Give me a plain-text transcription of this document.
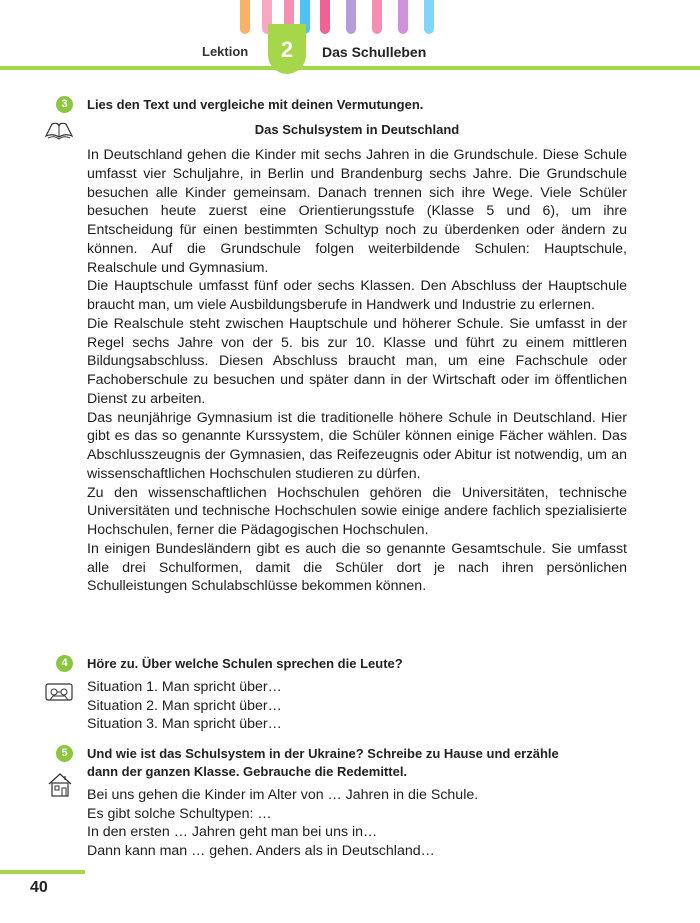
Lektion	2	Das Schulleben
3	Lies den Text und vergleiche mit deinen Vermutungen.
Das Schulsystem in Deutschland

In Deutschland gehen die Kinder mit sechs Jahren in die Grundschule. Diese Schule umfasst vier Schuljahre, in Berlin und Brandenburg sechs Jahre. Die Grundschule besuchen alle Kinder gemeinsam. Danach trennen sich ihre Wege. Viele Schüler besuchen heute zuerst eine Orientierungsstufe (Klasse 5 und 6), um ihre Entscheidung für einen bestimmten Schultyp noch zu überdenken oder ändern zu können. Auf die Grundschule folgen weiterbildende Schulen: Hauptschule, Realschule und Gymnasium.

Die Hauptschule umfasst fünf oder sechs Klassen. Den Abschluss der Hauptschule braucht man, um viele Ausbildungsberufe in Handwerk und Industrie zu erlernen.

Die Realschule steht zwischen Hauptschule und höherer Schule. Sie umfasst in der Regel sechs Jahre von der 5. bis zur 10. Klasse und führt zu einem mittleren Bildungsabschluss. Diesen Abschluss braucht man, um eine Fachschule oder Fachoberschule zu besuchen und später dann in der Wirtschaft oder im öffentlichen Dienst zu arbeiten.

Das neunjährige Gymnasium ist die traditionelle höhere Schule in Deutschland. Hier gibt es das so genannte Kurssystem, die Schüler können einige Fächer wählen. Das Abschlusszeugnis der Gymnasien, das Reifezeugnis oder Abitur ist notwendig, um an wissenschaftlichen Hochschulen studieren zu dürfen.

Zu den wissenschaftlichen Hochschulen gehören die Universitäten, technische Universitäten und technische Hochschulen sowie einige andere fachlich spezialisierte Hochschulen, ferner die Pädagogischen Hochschulen.

In einigen Bundesländern gibt es auch die so genannte Gesamtschule. Sie umfasst alle drei Schulformen, damit die Schüler dort je nach ihren persönlichen Schulleistungen Schulabschlüsse bekommen können.

4	Höre zu. Über welche Schulen sprechen die Leute?
Situation 1. Man spricht über…
Situation 2. Man spricht über…
Situation 3. Man spricht über…
5	Und wie ist das Schulsystem in der Ukraine? Schreibe zu Hause und erzähle
dann der ganzen Klasse. Gebrauche die Redemittel.
Bei uns gehen die Kinder im Alter von … Jahren in die Schule.
Es gibt solche Schultypen: …
In den ersten … Jahren geht man bei uns in…
Dann kann man … gehen. Anders als in Deutschland…
40
